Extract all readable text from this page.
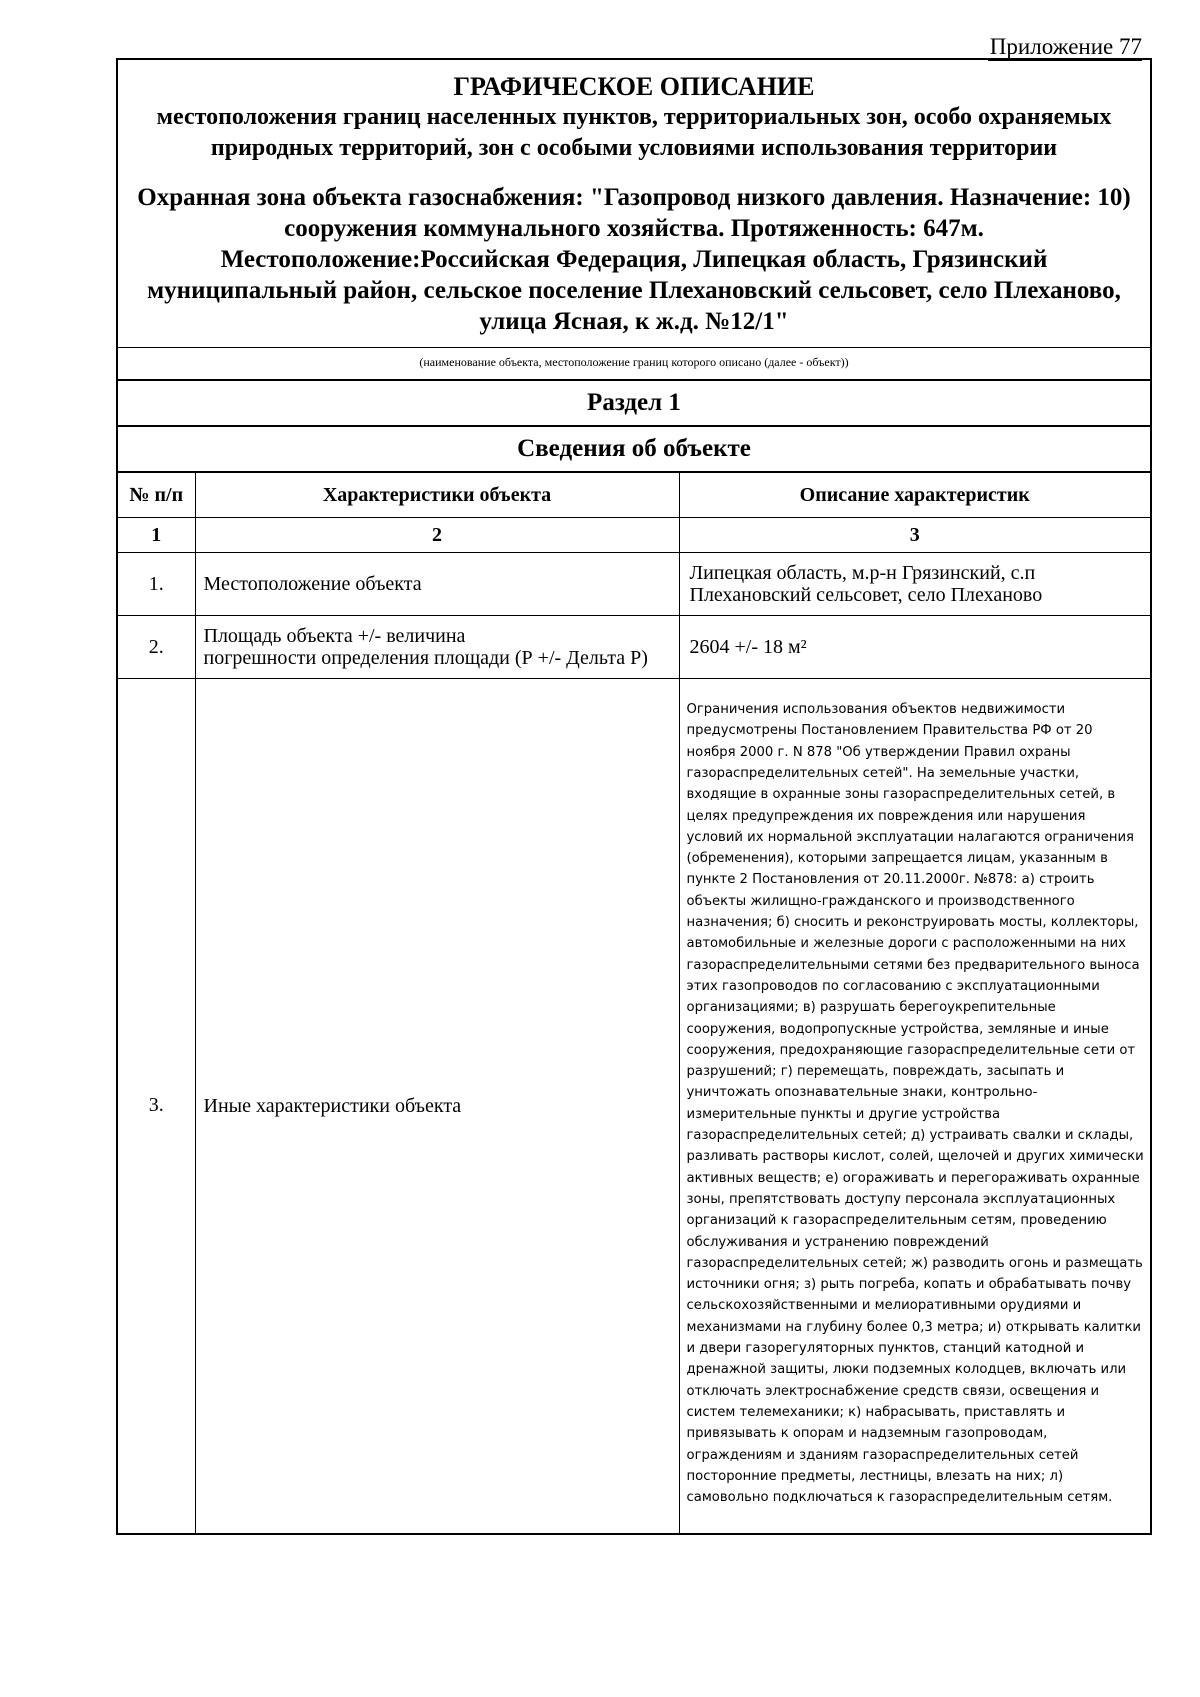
Приложение 77
ГРАФИЧЕСКОЕ ОПИСАНИЕ
местоположения границ населенных пунктов, территориальных зон, особо охраняемых природных территорий, зон с особыми условиями использования территории
Охранная зона объекта газоснабжения: "Газопровод низкого давления. Назначение: 10) сооружения коммунального хозяйства. Протяженность: 647м. Местоположение:Российская Федерация, Липецкая область, Грязинский муниципальный район, сельское поселение Плехановский сельсовет, село Плеханово, улица Ясная, к ж.д. №12/1"
(наименование объекта, местоположение границ которого описано (далее - объект))
Раздел 1
Сведения об объекте
№ п/п	Характеристики объекта	Описание характеристик
1	2	3
1.	Местоположение объекта	Липецкая область, м.р-н Грязинский, с.п
Плехановский сельсовет, село Плеханово
2.	Площадь объекта +/- величина
погрешности определения площади (Р +/- Дельта Р)	2604 +/- 18 м²
3.	Иные характеристики объекта	Ограничения использования объектов недвижимости предусмотрены Постановлением Правительства РФ от 20 ноября 2000 г. N 878 "Об утверждении Правил охраны газораспределительных сетей". На земельные участки, входящие в охранные зоны газораспределительных сетей, в целях предупреждения их повреждения или нарушения условий их нормальной эксплуатации налагаются ограничения (обременения), которыми запрещается лицам, указанным в пункте 2 Постановления от 20.11.2000г. №878: а) строить объекты жилищно-гражданского и производственного назначения; б) сносить и реконструировать мосты, коллекторы, автомобильные и железные дороги с расположенными на них газораспределительными сетями без предварительного выноса этих газопроводов по согласованию с эксплуатационными организациями; в) разрушать берегоукрепительные сооружения, водопропускные устройства, земляные и иные сооружения, предохраняющие газораспределительные сети от разрушений; г) перемещать, повреждать, засыпать и уничтожать опознавательные знаки, контрольно-измерительные пункты и другие устройства газораспределительных сетей; д) устраивать свалки и склады, разливать растворы кислот, солей, щелочей и других химически активных веществ; е) огораживать и перегораживать охранные зоны, препятствовать доступу персонала эксплуатационных организаций к газораспределительным сетям, проведению обслуживания и устранению повреждений газораспределительных сетей; ж) разводить огонь и размещать источники огня; з) рыть погреба, копать и обрабатывать почву сельскохозяйственными и мелиоративными орудиями и механизмами на глубину более 0,3 метра; и) открывать калитки и двери газорегуляторных пунктов, станций катодной и дренажной защиты, люки подземных колодцев, включать или отключать электроснабжение средств связи, освещения и систем телемеханики; к) набрасывать, приставлять и привязывать к опорам и надземным газопроводам, ограждениям и зданиям газораспределительных сетей посторонние предметы, лестницы, влезать на них; л) самовольно подключаться к газораспределительным сетям.
